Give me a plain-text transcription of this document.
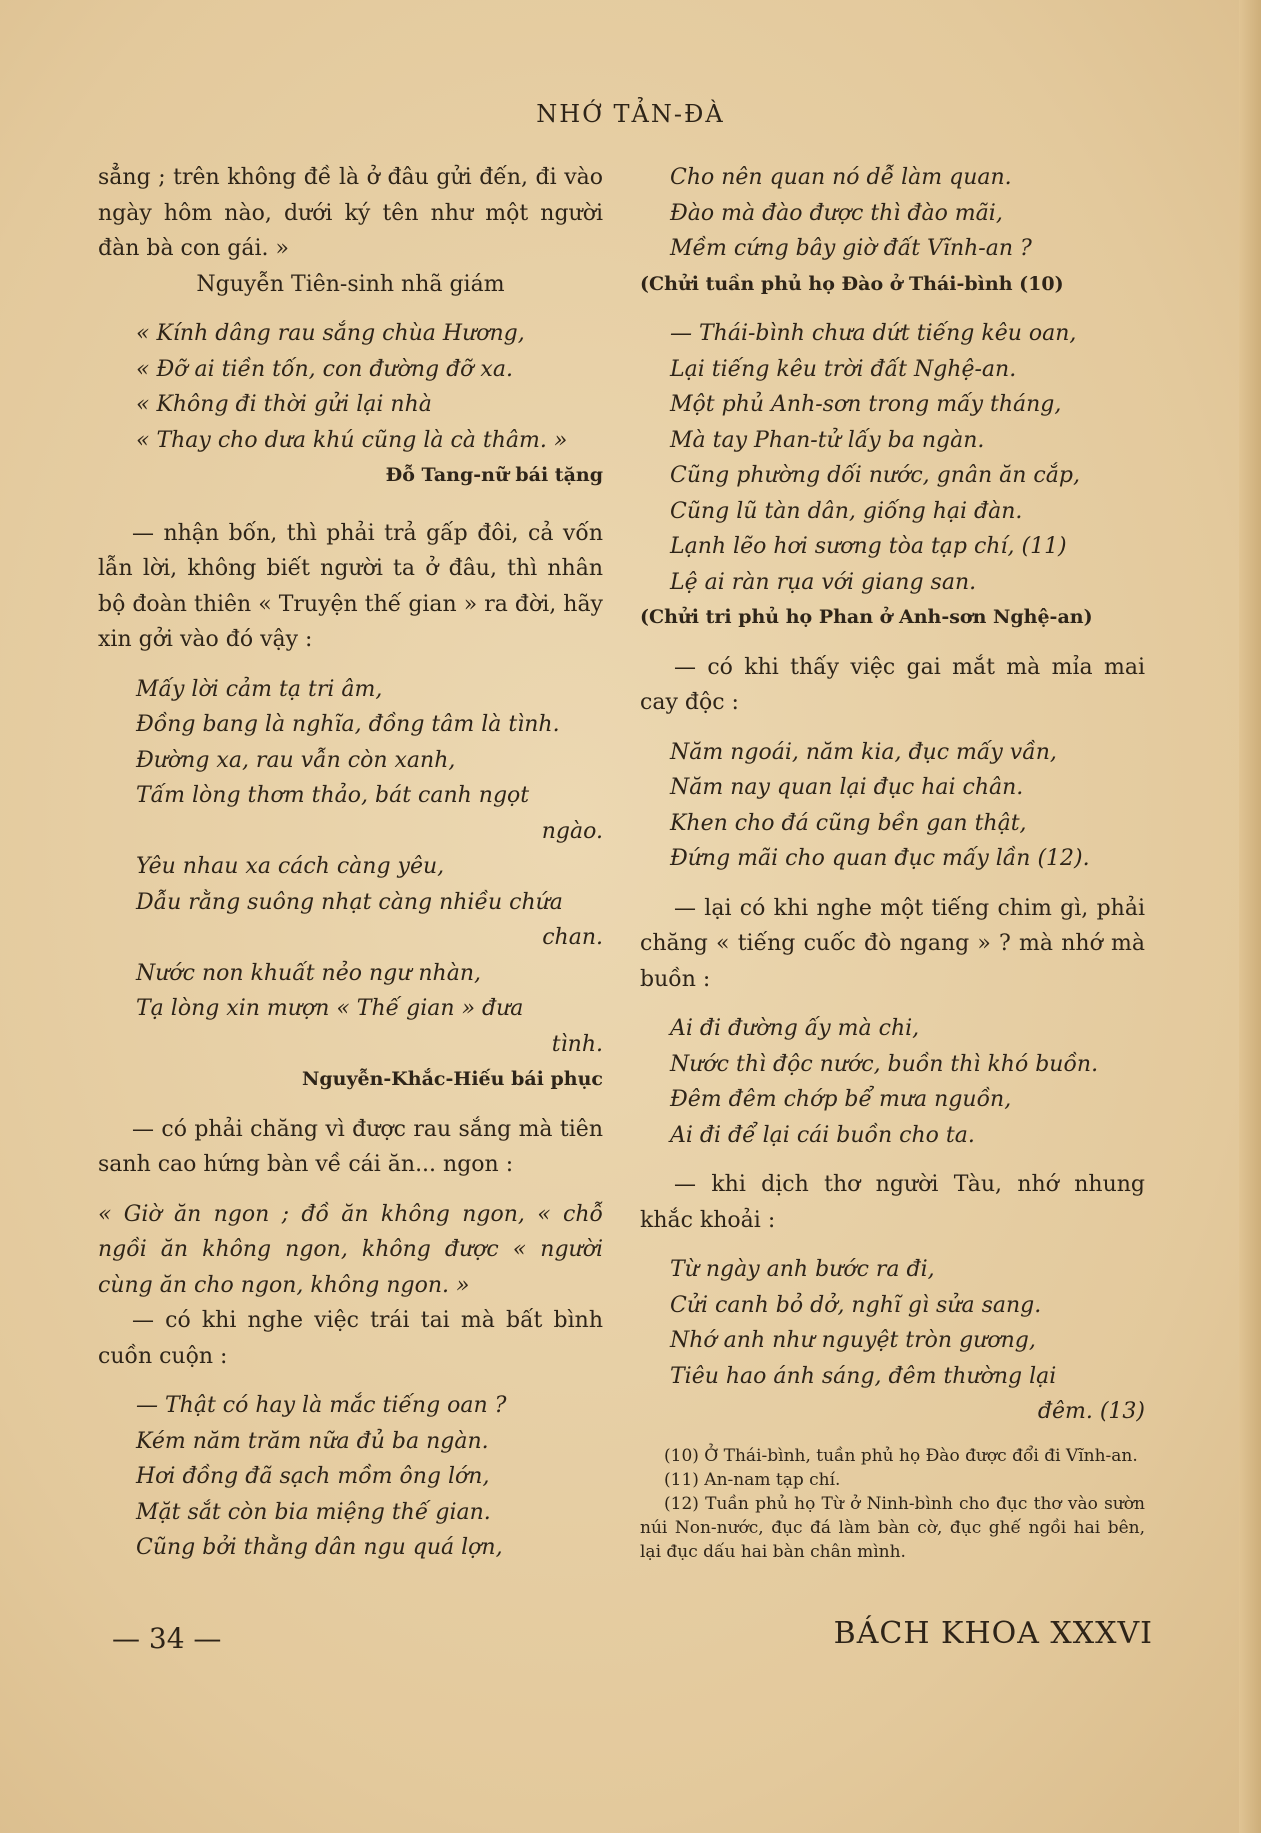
NHỚ TẢN-ĐÀ

sẳng ; trên không đề là ở đâu gửi đến, đi vào ngày hôm nào, dưới ký tên như một người đàn bà con gái. »

Nguyễn Tiên-sinh nhã giám

« Kính dâng rau sắng chùa Hương,

« Đỡ ai tiền tốn, con đường đỡ xa.

« Không đi thời gửi lại nhà

« Thay cho dưa khú cũng là cà thâm. »

Đỗ Tang-nữ bái tặng

— nhận bốn, thì phải trả gấp đôi, cả vốn lẫn lời, không biết người ta ở đâu, thì nhân bộ đoàn thiên « Truyện thế gian » ra đời, hãy xin gởi vào đó vậy :

Mấy lời cảm tạ tri âm,

Đồng bang là nghĩa, đồng tâm là tình.

Đường xa, rau vẫn còn xanh,

Tấm lòng thơm thảo, bát canh ngọt

ngào.

Yêu nhau xa cách càng yêu,

Dẫu rằng suông nhạt càng nhiều chứa

chan.

Nước non khuất nẻo ngư nhàn,

Tạ lòng xin mượn « Thế gian » đưa

tình.

Nguyễn-Khắc-Hiếu bái phục

— có phải chăng vì được rau sắng mà tiên sanh cao hứng bàn về cái ăn... ngon :

« Giờ ăn ngon ; đồ ăn không ngon, « chỗ ngồi ăn không ngon, không được « người cùng ăn cho ngon, không ngon. »

— có khi nghe việc trái tai mà bất bình cuồn cuộn :

— Thật có hay là mắc tiếng oan ?

Kém năm trăm nữa đủ ba ngàn.

Hơi đồng đã sạch mồm ông lớn,

Mặt sắt còn bia miệng thế gian.

Cũng bởi thằng dân ngu quá lợn,

Cho nên quan nó dễ làm quan.

Đào mà đào được thì đào mãi,

Mềm cứng bây giờ đất Vĩnh-an ?

(Chửi tuần phủ họ Đào ở Thái-bình (10)

— Thái-bình chưa dứt tiếng kêu oan,

Lại tiếng kêu trời đất Nghệ-an.

Một phủ Anh-sơn trong mấy tháng,

Mà tay Phan-tử lấy ba ngàn.

Cũng phường dối nước, gnân ăn cắp,

Cũng lũ tàn dân, giống hại đàn.

Lạnh lẽo hơi sương tòa tạp chí, (11)

Lệ ai ràn rụa với giang san.

(Chửi tri phủ họ Phan ở Anh-sơn Nghệ-an)

— có khi thấy việc gai mắt mà mỉa mai cay độc :

Năm ngoái, năm kia, đục mấy vần,

Năm nay quan lại đục hai chân.

Khen cho đá cũng bền gan thật,

Đứng mãi cho quan đục mấy lần (12).

— lại có khi nghe một tiếng chim gì, phải chăng « tiếng cuốc đò ngang » ? mà nhớ mà buồn :

Ai đi đường ấy mà chi,

Nước thì độc nước, buồn thì khó buồn.

Đêm đêm chớp bể mưa nguồn,

Ai đi để lại cái buồn cho ta.

— khi dịch thơ người Tàu, nhớ nhung khắc khoải :

Từ ngày anh bước ra đi,

Cửi canh bỏ dở, nghĩ gì sửa sang.

Nhớ anh như nguyệt tròn gương,

Tiêu hao ánh sáng, đêm thường lại

đêm. (13)

(10) Ở Thái-bình, tuần phủ họ Đào được đổi đi Vĩnh-an.

(11) An-nam tạp chí.

(12) Tuần phủ họ Từ ở Ninh-bình cho đục thơ vào sườn núi Non-nước, đục đá làm bàn cờ, đục ghế ngồi hai bên, lại đục dấu hai bàn chân mình.

— 34 —	BÁCH KHOA XXXVI
